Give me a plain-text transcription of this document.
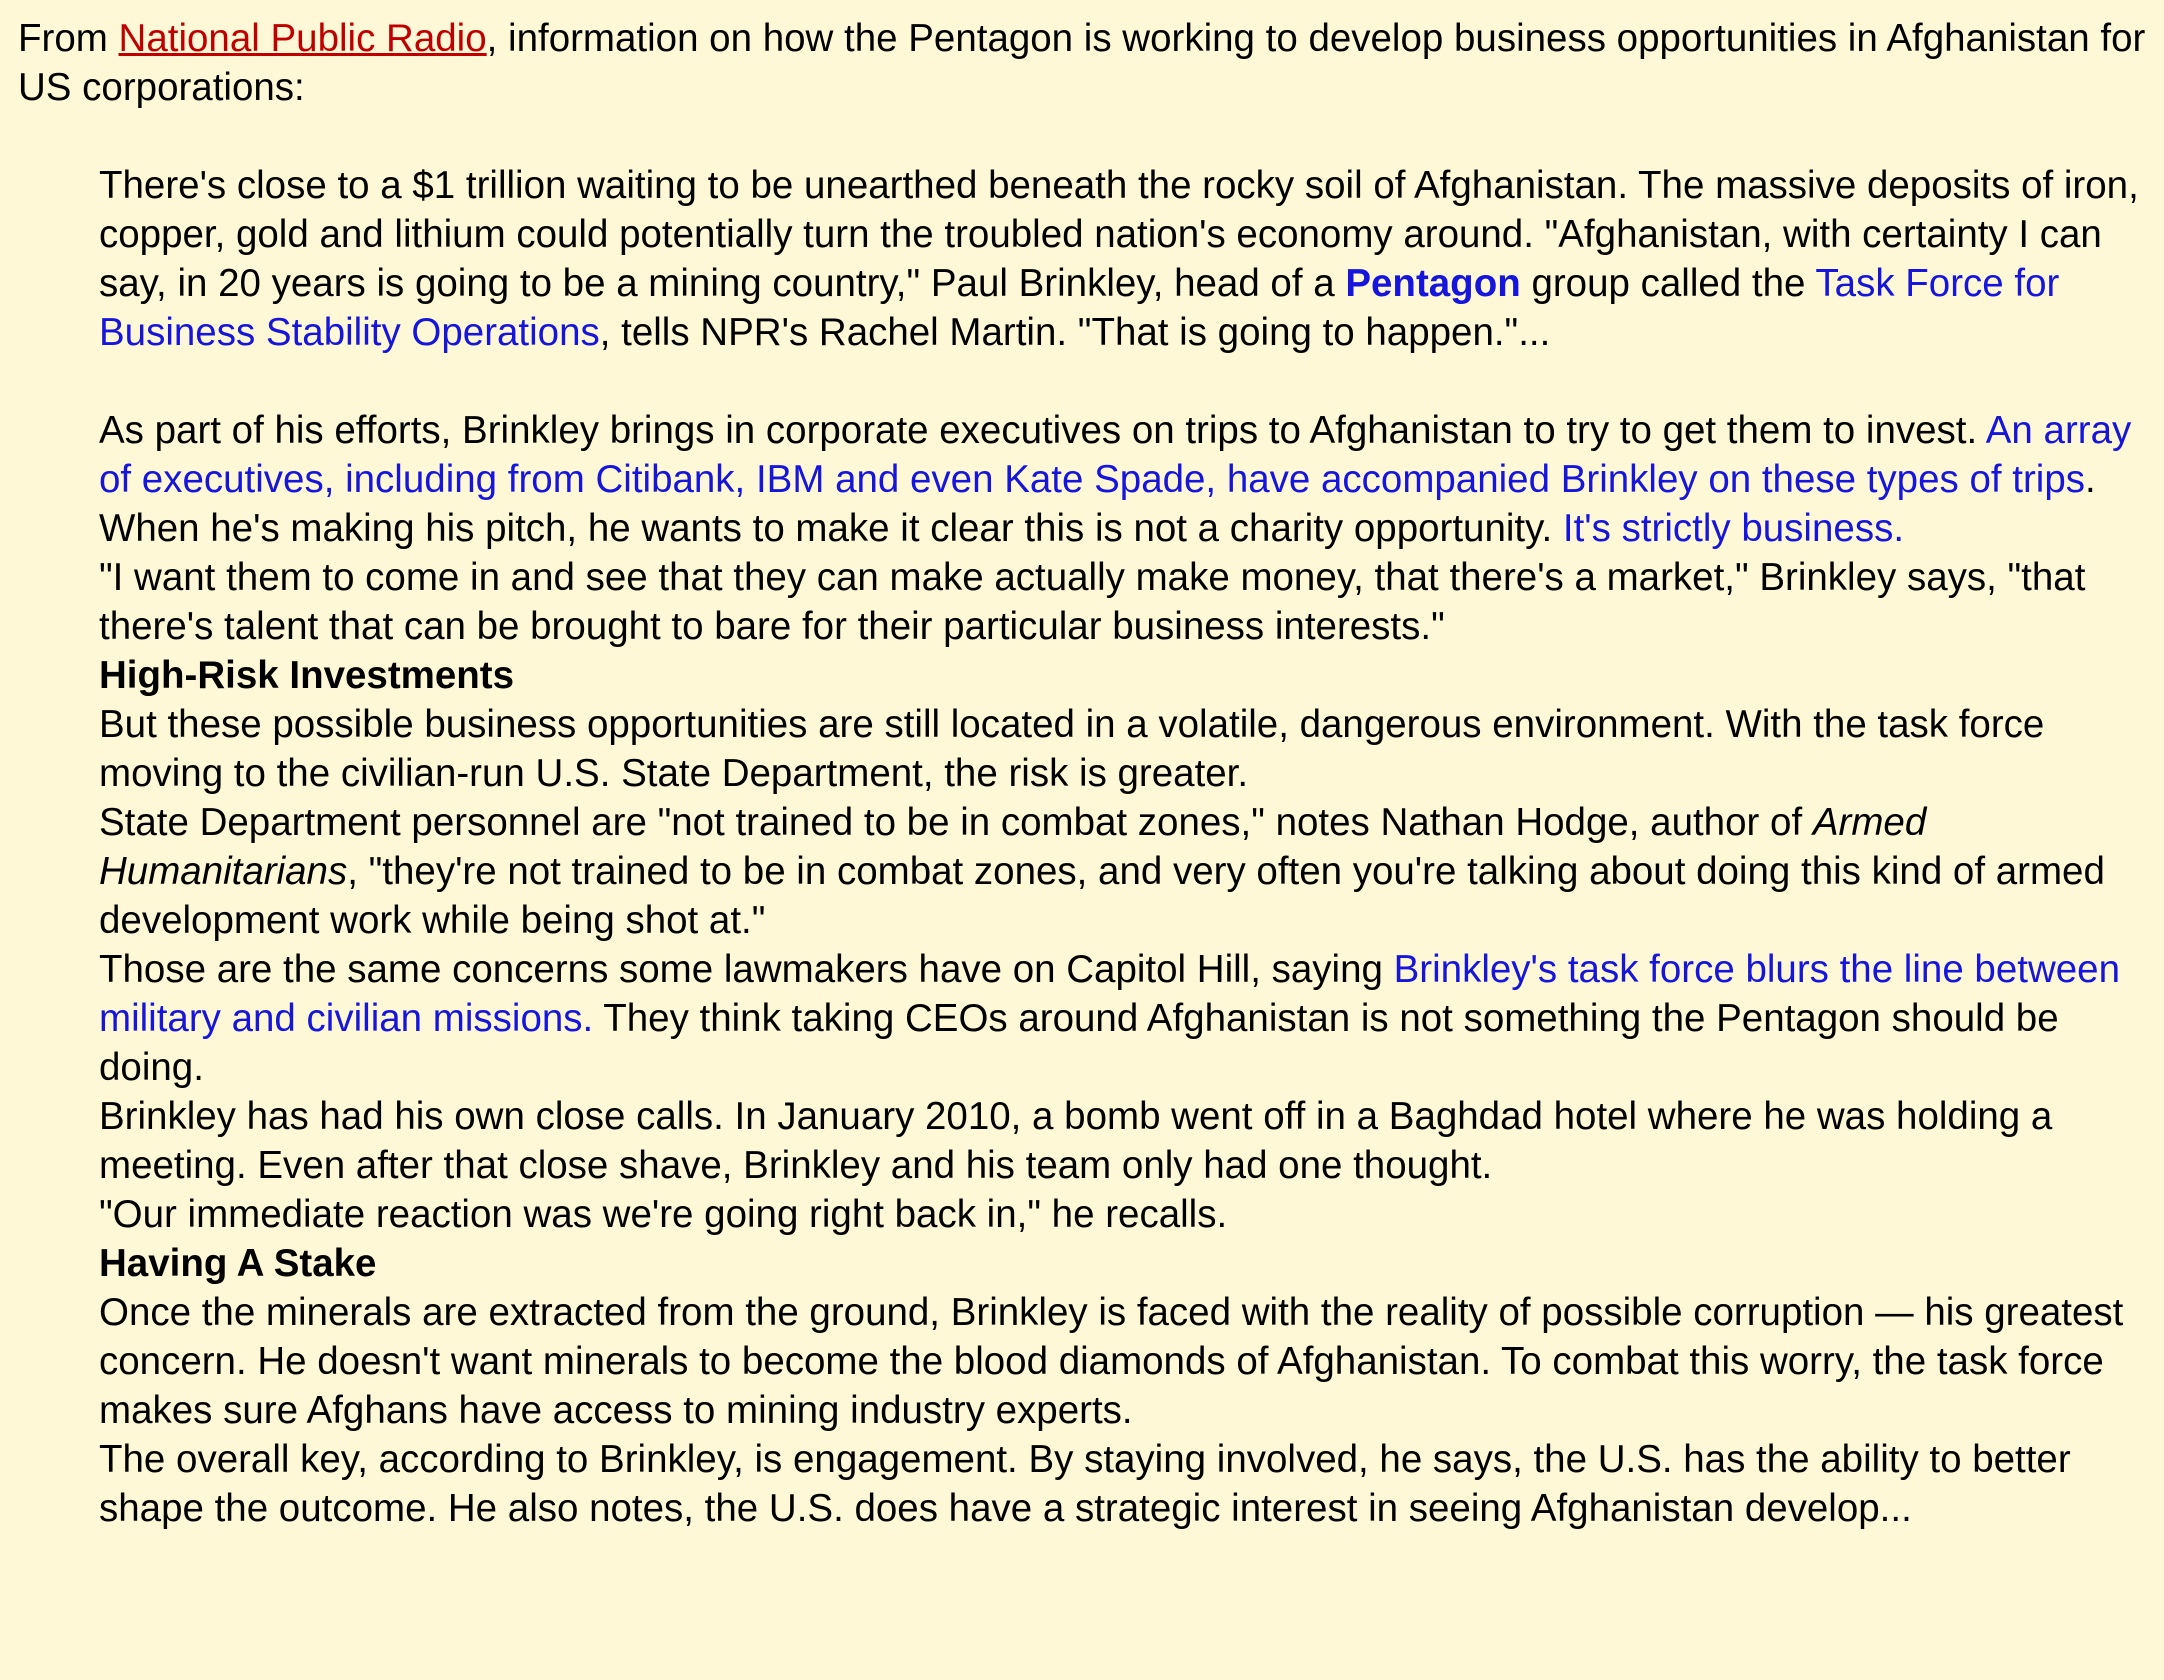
From National Public Radio, information on how the Pentagon is working to develop business opportunities in Afghanistan for US corporations:

There's close to a $1 trillion waiting to be unearthed beneath the rocky soil of Afghanistan. The massive deposits of iron, copper, gold and lithium could potentially turn the troubled nation's economy around. "Afghanistan, with certainty I can say, in 20 years is going to be a mining country," Paul Brinkley, head of a Pentagon group called the Task Force for Business Stability Operations, tells NPR's Rachel Martin. "That is going to happen."...

As part of his efforts, Brinkley brings in corporate executives on trips to Afghanistan to try to get them to invest. An array of executives, including from Citibank, IBM and even Kate Spade, have accompanied Brinkley on these types of trips. When he's making his pitch, he wants to make it clear this is not a charity opportunity. It's strictly business.

"I want them to come in and see that they can make actually make money, that there's a market," Brinkley says, "that there's talent that can be brought to bare for their particular business interests."

High-Risk Investments

But these possible business opportunities are still located in a volatile, dangerous environment. With the task force moving to the civilian-run U.S. State Department, the risk is greater.

State Department personnel are "not trained to be in combat zones," notes Nathan Hodge, author of Armed Humanitarians, "they're not trained to be in combat zones, and very often you're talking about doing this kind of armed development work while being shot at."

Those are the same concerns some lawmakers have on Capitol Hill, saying Brinkley's task force blurs the line between military and civilian missions. They think taking CEOs around Afghanistan is not something the Pentagon should be doing.

Brinkley has had his own close calls. In January 2010, a bomb went off in a Baghdad hotel where he was holding a meeting. Even after that close shave, Brinkley and his team only had one thought.

"Our immediate reaction was we're going right back in," he recalls.

Having A Stake

Once the minerals are extracted from the ground, Brinkley is faced with the reality of possible corruption — his greatest concern. He doesn't want minerals to become the blood diamonds of Afghanistan. To combat this worry, the task force makes sure Afghans have access to mining industry experts.

The overall key, according to Brinkley, is engagement. By staying involved, he says, the U.S. has the ability to better shape the outcome. He also notes, the U.S. does have a strategic interest in seeing Afghanistan develop...
